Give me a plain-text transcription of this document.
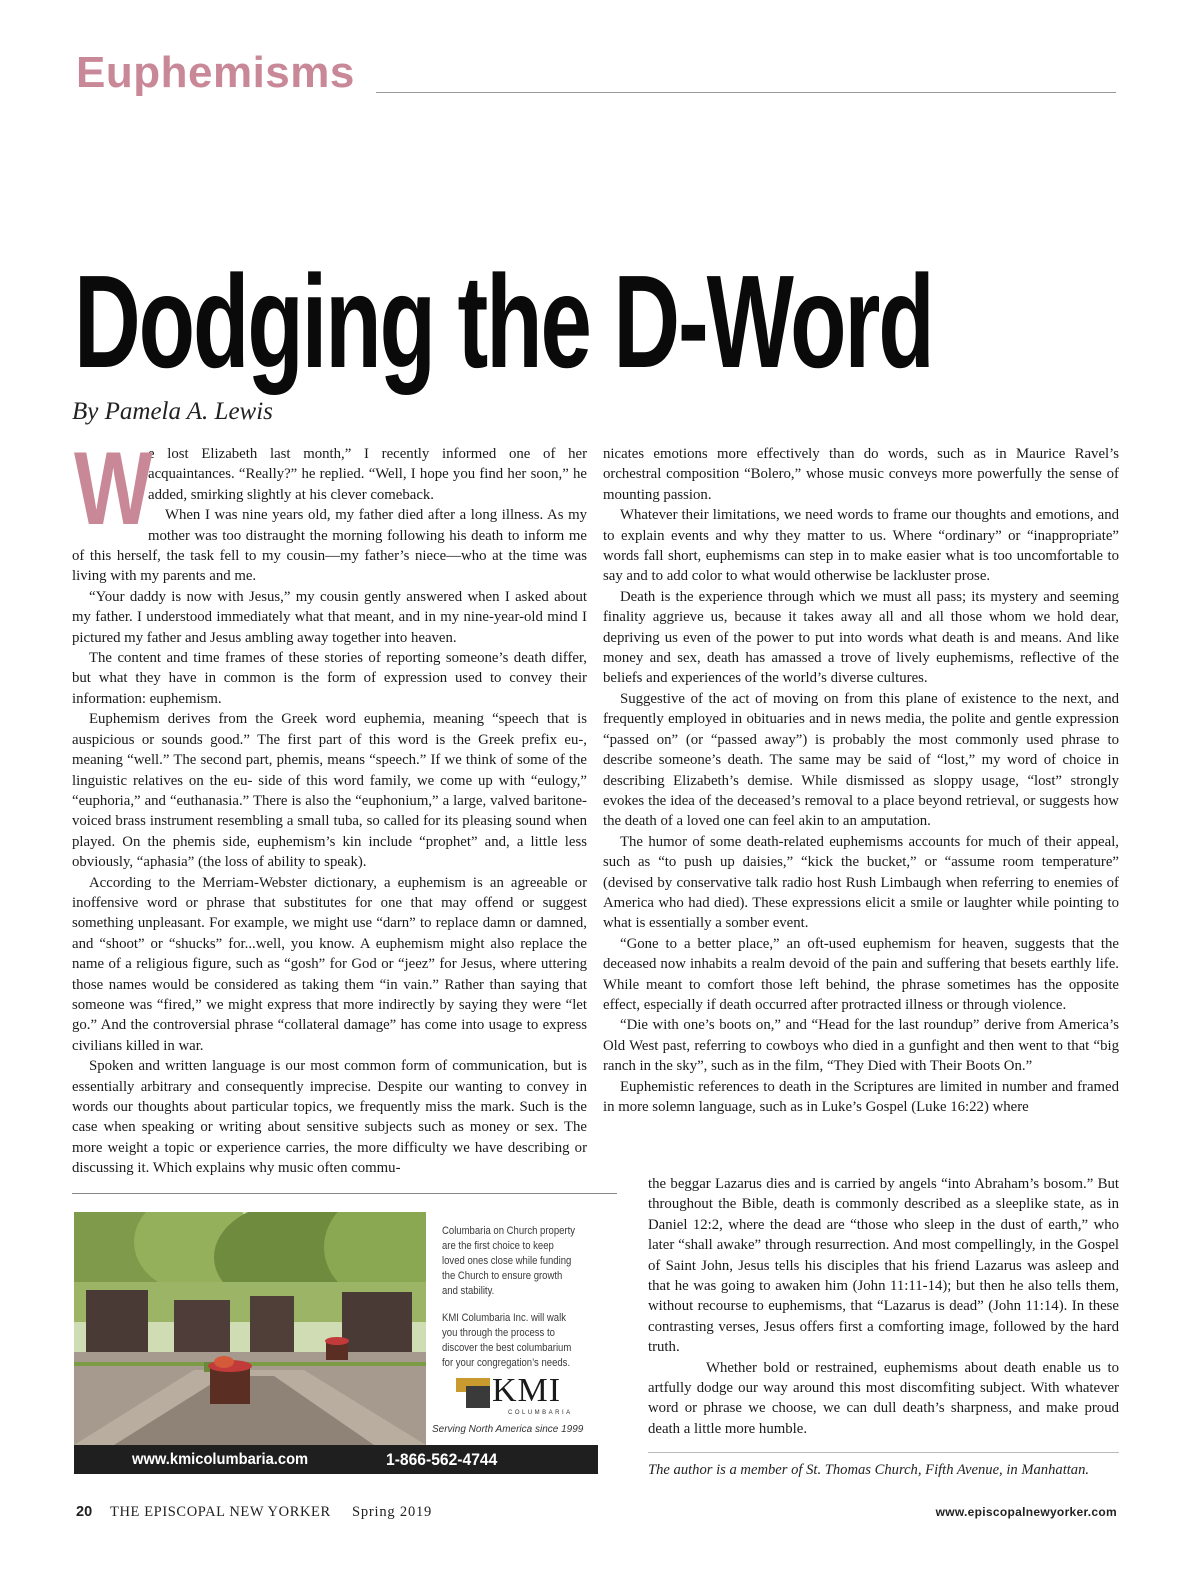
Euphemisms
Dodging the D-Word
By Pamela A. Lewis

W
e lost Elizabeth last month,” I recently informed one of her acquaintances. “Really?” he replied. “Well, I hope you find her soon,” he added, smirking slightly at his clever comeback.

When I was nine years old, my father died after a long illness. As my mother was too distraught the morning following his death to inform me of this herself, the task fell to my cousin—my father’s niece—who at the time was living with my parents and me.

“Your daddy is now with Jesus,” my cousin gently answered when I asked about my father. I understood immediately what that meant, and in my nine-year-old mind I pictured my father and Jesus ambling away together into heaven.

The content and time frames of these stories of reporting someone’s death differ, but what they have in common is the form of expression used to convey their information: euphemism.

Euphemism derives from the Greek word euphemia, meaning “speech that is auspicious or sounds good.” The first part of this word is the Greek prefix eu-, meaning “well.” The second part, phemis, means “speech.” If we think of some of the linguistic relatives on the eu- side of this word family, we come up with “eulogy,” “euphoria,” and “euthanasia.” There is also the “euphonium,” a large, valved baritone-voiced brass instrument resembling a small tuba, so called for its pleasing sound when played. On the phemis side, euphemism’s kin include “prophet” and, a little less obviously, “aphasia” (the loss of ability to speak).

According to the Merriam-Webster dictionary, a euphemism is an agreeable or inoffensive word or phrase that substitutes for one that may offend or suggest something unpleasant. For example, we might use “darn” to replace damn or damned, and “shoot” or “shucks” for...well, you know. A euphemism might also replace the name of a religious figure, such as “gosh” for God or “jeez” for Jesus, where uttering those names would be considered as taking them “in vain.” Rather than saying that someone was “fired,” we might express that more indirectly by saying they were “let go.” And the controversial phrase “collateral damage” has come into usage to express civilians killed in war.

Spoken and written language is our most common form of communication, but is essentially arbitrary and consequently imprecise. Despite our wanting to convey in words our thoughts about particular topics, we frequently miss the mark. Such is the case when speaking or writing about sensitive subjects such as money or sex. The more weight a topic or experience carries, the more difficulty we have describing or discussing it. Which explains why music often commu-

nicates emotions more effectively than do words, such as in Maurice Ravel’s orchestral composition “Bolero,” whose music conveys more powerfully the sense of mounting passion.

Whatever their limitations, we need words to frame our thoughts and emotions, and to explain events and why they matter to us. Where “ordinary” or “inappropriate” words fall short, euphemisms can step in to make easier what is too uncomfortable to say and to add color to what would otherwise be lackluster prose.

Death is the experience through which we must all pass; its mystery and seeming finality aggrieve us, because it takes away all and all those whom we hold dear, depriving us even of the power to put into words what death is and means. And like money and sex, death has amassed a trove of lively euphemisms, reflective of the beliefs and experiences of the world’s diverse cultures.

Suggestive of the act of moving on from this plane of existence to the next, and frequently employed in obituaries and in news media, the polite and gentle expression “passed on” (or “passed away”) is probably the most commonly used phrase to describe someone’s death. The same may be said of “lost,” my word of choice in describing Elizabeth’s demise. While dismissed as sloppy usage, “lost” strongly evokes the idea of the deceased’s removal to a place beyond retrieval, or suggests how the death of a loved one can feel akin to an amputation.

The humor of some death-related euphemisms accounts for much of their appeal, such as “to push up daisies,” “kick the bucket,” or “assume room temperature” (devised by conservative talk radio host Rush Limbaugh when referring to enemies of America who had died). These expressions elicit a smile or laughter while pointing to what is essentially a somber event.

“Gone to a better place,” an oft-used euphemism for heaven, suggests that the deceased now inhabits a realm devoid of the pain and suffering that besets earthly life. While meant to comfort those left behind, the phrase sometimes has the opposite effect, especially if death occurred after protracted illness or through violence.

“Die with one’s boots on,” and “Head for the last roundup” derive from America’s Old West past, referring to cowboys who died in a gunfight and then went to that “big ranch in the sky”, such as in the film, “They Died with Their Boots On.”

Euphemistic references to death in the Scriptures are limited in number and framed in more solemn language, such as in Luke’s Gospel (Luke 16:22) where

the beggar Lazarus dies and is carried by angels “into Abraham’s bosom.” But throughout the Bible, death is commonly described as a sleeplike state, as in Daniel 12:2, where the dead are “those who sleep in the dust of earth,” who later “shall awake” through resurrection. And most compellingly, in the Gospel of Saint John, Jesus tells his disciples that his friend Lazarus was asleep and that he was going to awaken him (John 11:11-14); but then he also tells them, without recourse to euphemisms, that “Lazarus is dead” (John 11:14). In these contrasting verses, Jesus offers first a comforting image, followed by the hard truth.

Whether bold or restrained, euphemisms about death enable us to artfully dodge our way around this most discomfiting subject. With whatever word or phrase we choose, we can dull death’s sharpness, and make proud death a little more humble.

Columbaria on Church property are the first choice to keep loved ones close while funding the Church to ensure growth and stability.

KMI Columbaria Inc. will walk you through the process to discover the best columbarium for your congregation’s needs.

KMI
COLUMBARIA
Serving North America since 1999
www.kmicolumbaria.com	1-866-562-4744
The author is a member of St. Thomas Church, Fifth Avenue, in Manhattan.
20 THE EPISCOPAL NEW YORKER Spring 2019	www.episcopalnewyorker.com
